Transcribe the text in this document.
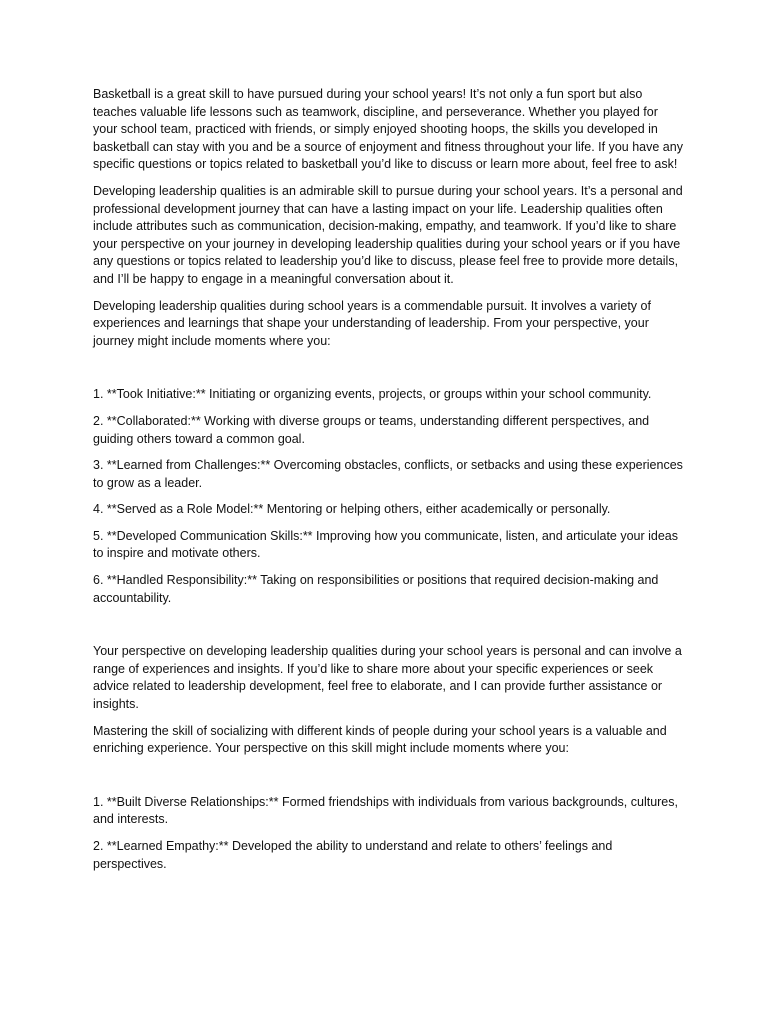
Basketball is a great skill to have pursued during your school years! It’s not only a fun sport but also teaches valuable life lessons such as teamwork, discipline, and perseverance. Whether you played for your school team, practiced with friends, or simply enjoyed shooting hoops, the skills you developed in basketball can stay with you and be a source of enjoyment and fitness throughout your life. If you have any specific questions or topics related to basketball you’d like to discuss or learn more about, feel free to ask!

Developing leadership qualities is an admirable skill to pursue during your school years. It’s a personal and professional development journey that can have a lasting impact on your life. Leadership qualities often include attributes such as communication, decision-making, empathy, and teamwork. If you’d like to share your perspective on your journey in developing leadership qualities during your school years or if you have any questions or topics related to leadership you’d like to discuss, please feel free to provide more details, and I’ll be happy to engage in a meaningful conversation about it.

Developing leadership qualities during school years is a commendable pursuit. It involves a variety of experiences and learnings that shape your understanding of leadership. From your perspective, your journey might include moments where you:

1. **Took Initiative:** Initiating or organizing events, projects, or groups within your school community.
2. **Collaborated:** Working with diverse groups or teams, understanding different perspectives, and guiding others toward a common goal.
3. **Learned from Challenges:** Overcoming obstacles, conflicts, or setbacks and using these experiences to grow as a leader.
4. **Served as a Role Model:** Mentoring or helping others, either academically or personally.
5. **Developed Communication Skills:** Improving how you communicate, listen, and articulate your ideas to inspire and motivate others.
6. **Handled Responsibility:** Taking on responsibilities or positions that required decision-making and accountability.

Your perspective on developing leadership qualities during your school years is personal and can involve a range of experiences and insights. If you’d like to share more about your specific experiences or seek advice related to leadership development, feel free to elaborate, and I can provide further assistance or insights.

Mastering the skill of socializing with different kinds of people during your school years is a valuable and enriching experience. Your perspective on this skill might include moments where you:

1. **Built Diverse Relationships:** Formed friendships with individuals from various backgrounds, cultures, and interests.
2. **Learned Empathy:** Developed the ability to understand and relate to others’ feelings and perspectives.
